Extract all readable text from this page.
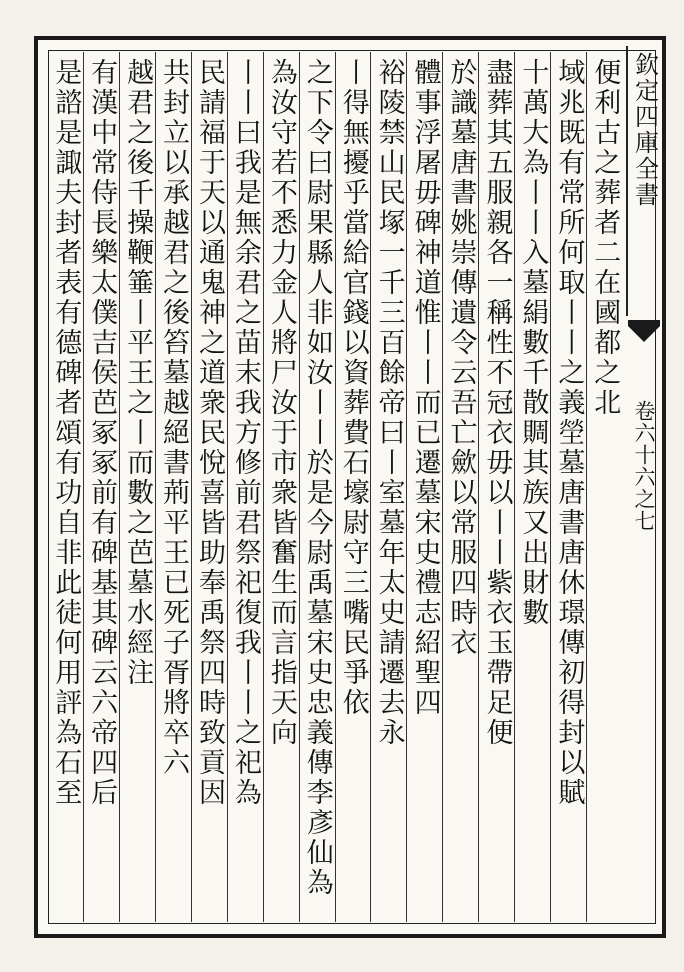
欽定四庫全書
卷六十六之七
便利古之葬者⼆在國都之北
域兆既有常所何取丨丨之義塋墓唐書唐休璟傳初得封以賦
十萬大為丨丨入墓絹數千散賙其族又出財數
盡葬其五服親各一稱性不冠衣毋以丨丨紫衣玉帶足便
於識墓唐書姚崇傳遺令云吾亡歛以常服四時衣
體事浮屠毋碑神道惟丨丨而已遷墓宋史禮志紹聖四
裕陵禁山民塚一千三百餘帝曰丨室墓年太史請遷去永
丨得無擾乎當給官錢以資葬費石壕尉守三嘴民爭依
之下令曰尉果縣人非如汝丨丨於是今尉禹墓宋史忠義傳李彥仙為
為汝守若不悉力金人將尸汝于市衆皆奮生而言指天向
丨丨曰我是無余君之苗末我方修前君祭祀復我丨丨之祀為
民請福于天以通鬼神之道衆民悅喜皆助奉禹祭四時致貢因
共封立以承越君之後笞墓越絕書荊平王已死子胥將卒六
越君之後千操鞭箠丨平王之丨而數之芭墓水經注
有漢中常侍長樂太僕吉侯芭冢冢前有碑基其碑云六帝四后
是諮是諏夫封者表有德碑者頌有功自非此徒何用評為石至
